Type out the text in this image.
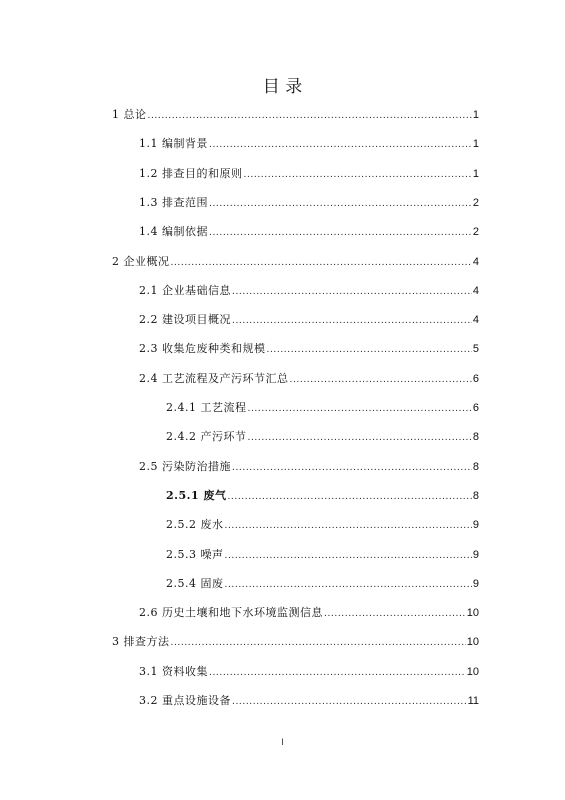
目 录
1 总论 .....	1
1.1 编制背景 .....	1
1.2 排查目的和原则 .....	1
1.3 排查范围 .....	2
1.4 编制依据 .....	2
2 企业概况 .....	4
2.1 企业基础信息 .....	4
2.2 建设项目概况 .....	4
2.3 收集危废种类和规模 .....	5
2.4 工艺流程及产污环节汇总 .....	6
2.4.1 工艺流程 .....	6
2.4.2 产污环节 .....	8
2.5 污染防治措施 .....	8
2.5.1 废气 .....	8
2.5.2 废水 .....	9
2.5.3 噪声 .....	9
2.5.4 固废 .....	9
2.6 历史土壤和地下水环境监测信息 .....	10
3 排查方法 .....	10
3.1 资料收集 .....	10
3.2 重点设施设备 .....	11
I
